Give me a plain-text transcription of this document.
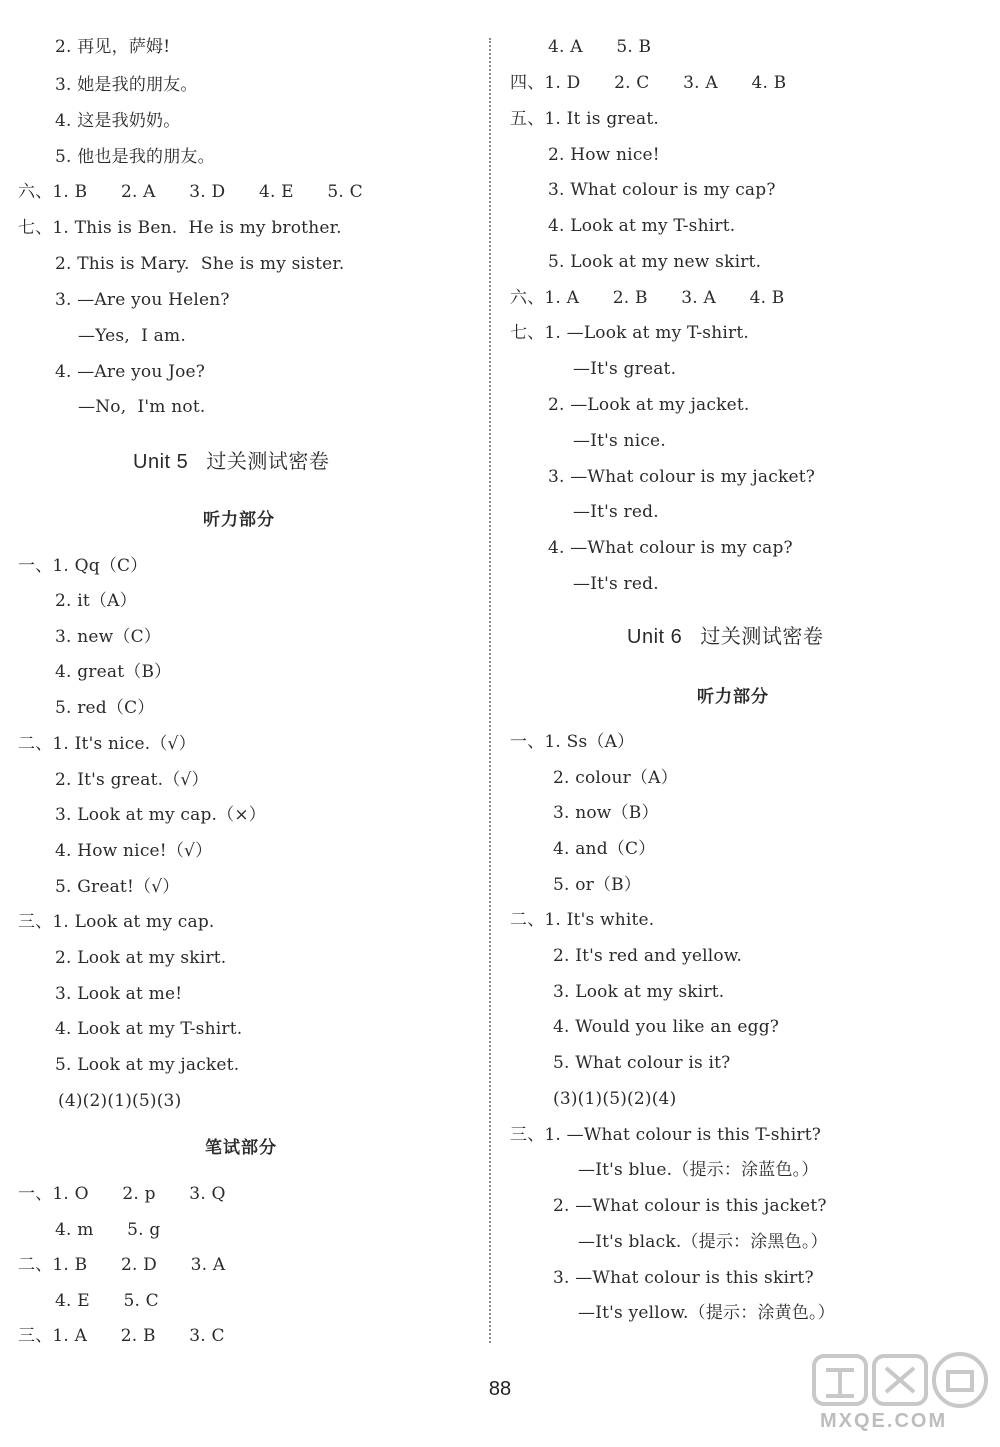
2. 再见，萨姆!
3. 她是我的朋友。
4. 这是我奶奶。
5. 他也是我的朋友。
六、1. B      2. A      3. D      4. E      5. C
七、1. This is Ben.  He is my brother.
2. This is Mary.  She is my sister.
3. —Are you Helen?
—Yes,  I am.
4. —Are you Joe?
—No,  I'm not.
Unit 5   过关测试密卷
听力部分
一、1. Qq（C）
2. it（A）
3. new（C）
4. great（B）
5. red（C）
二、1. It's nice.（√）
2. It's great.（√）
3. Look at my cap.（×）
4. How nice!（√）
5. Great!（√）
三、1. Look at my cap.
2. Look at my skirt.
3. Look at me!
4. Look at my T-shirt.
5. Look at my jacket.
(4)(2)(1)(5)(3)
笔试部分
一、1. O      2. p      3. Q
4. m      5. g
二、1. B      2. D      3. A
4. E      5. C
三、1. A      2. B      3. C
4. A      5. B
四、1. D      2. C      3. A      4. B
五、1. It is great.
2. How nice!
3. What colour is my cap?
4. Look at my T-shirt.
5. Look at my new skirt.
六、1. A      2. B      3. A      4. B
七、1. —Look at my T-shirt.
—It's great.
2. —Look at my jacket.
—It's nice.
3. —What colour is my jacket?
—It's red.
4. —What colour is my cap?
—It's red.
Unit 6   过关测试密卷
听力部分
一、1. Ss（A）
2. colour（A）
3. now（B）
4. and（C）
5. or（B）
二、1. It's white.
2. It's red and yellow.
3. Look at my skirt.
4. Would you like an egg?
5. What colour is it?
(3)(1)(5)(2)(4)
三、1. —What colour is this T-shirt?
—It's blue.（提示：涂蓝色。）
2. —What colour is this jacket?
—It's black.（提示：涂黑色。）
3. —What colour is this skirt?
—It's yellow.（提示：涂黄色。）
88
MXQE.COM
